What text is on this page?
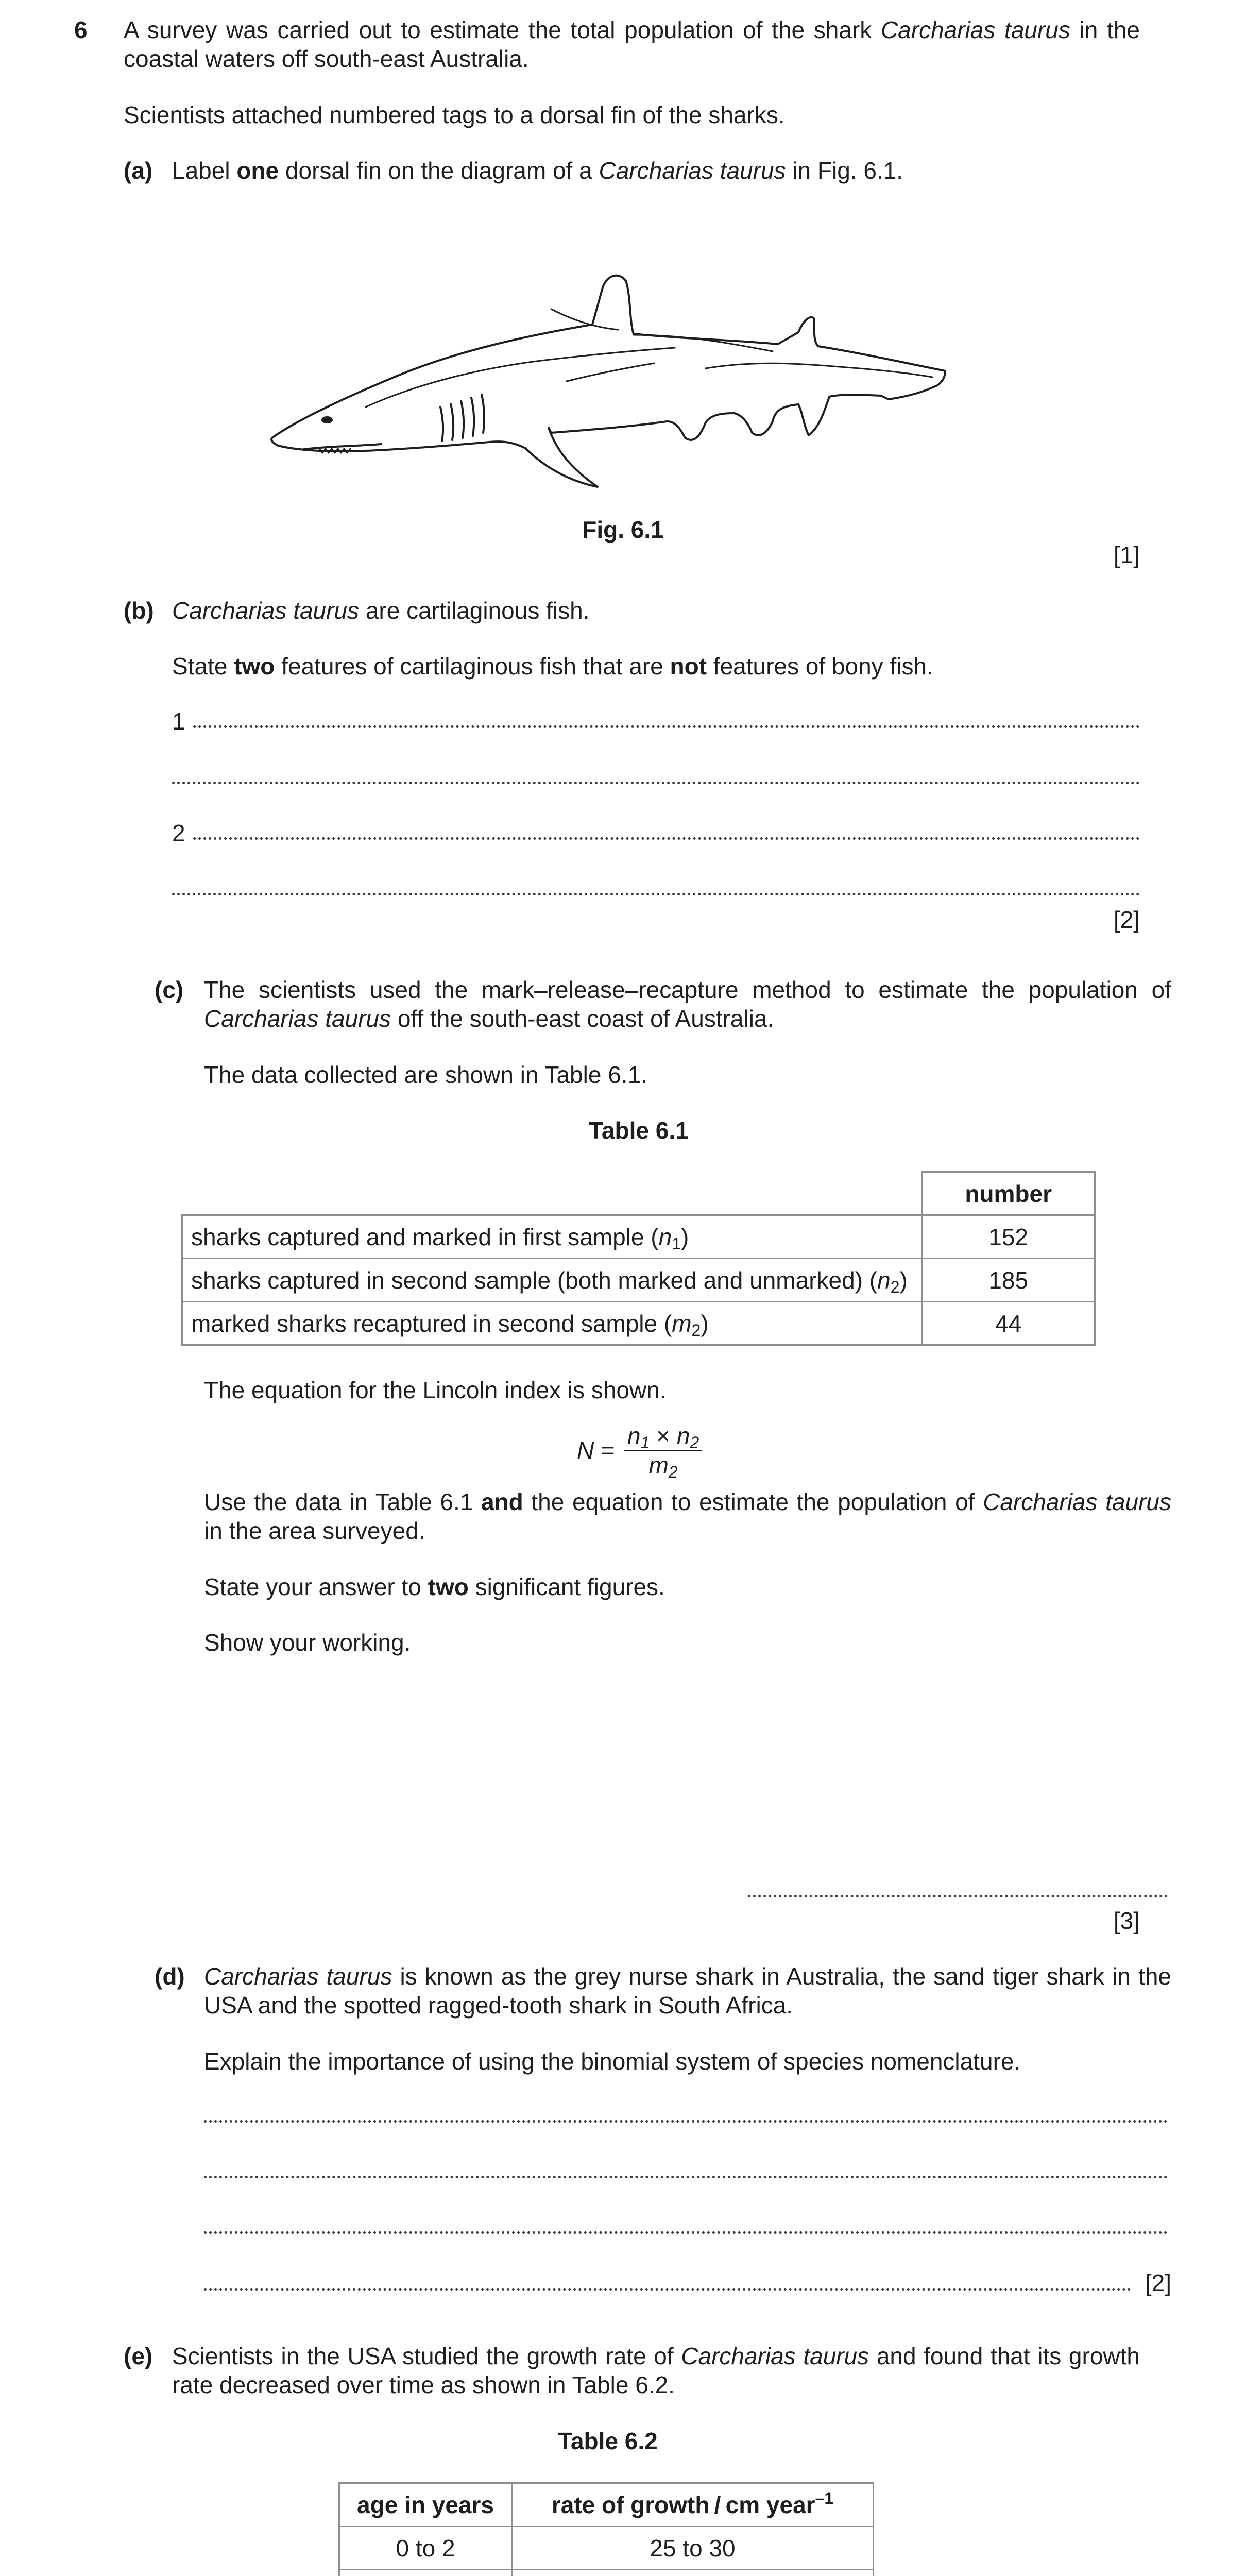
6 A survey was carried out to estimate the total population of the shark Carcharias taurus in the coastal waters off south-east Australia.

Scientists attached numbered tags to a dorsal fin of the sharks.

(a) Label one dorsal fin on the diagram of a Carcharias taurus in Fig. 6.1.

Fig. 6.1
[1]
(b) Carcharias taurus are cartilaginous fish.

State two features of cartilaginous fish that are not features of bony fish.

1
2
[2]
(c) The scientists used the mark–release–recapture method to estimate the population of Carcharias taurus off the south-east coast of Australia.

The data collected are shown in Table 6.1.

Table 6.1
	number
sharks captured and marked in first sample $(n_1)$	152
sharks captured in second sample (both marked and unmarked) $(n_2)$	185
marked sharks recaptured in second sample $(m_2)$	44

The equation for the Lincoln index is shown.

$N = \frac{n_1 \times n_2}{m_2}$

Use the data in Table 6.1 and the equation to estimate the population of Carcharias taurus in the area surveyed.

State your answer to two significant figures.

Show your working.

[3]
(d) Carcharias taurus is known as the grey nurse shark in Australia, the sand tiger shark in the USA and the spotted ragged-tooth shark in South Africa.

Explain the importance of using the binomial system of species nomenclature.

[2]
(e) Scientists in the USA studied the growth rate of Carcharias taurus and found that its growth rate decreased over time as shown in Table 6.2.

Table 6.2
age in years	rate of growth / cm year$^{-1}$
0 to 2	25 to 30
